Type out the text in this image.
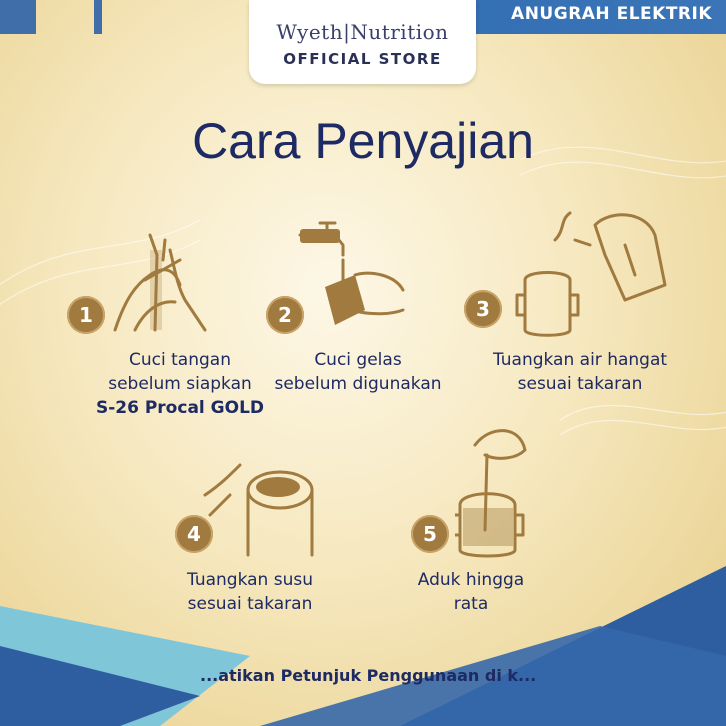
ANUGRAH ELEKTRIK
Wyeth|Nutrition
OFFICIAL STORE
Cara Penyajian
1
Cuci tangan
sebelum siapkan
S-26 Procal GOLD
2
Cuci gelas
sebelum digunakan
3
Tuangkan air hangat
sesuai takaran
4
Tuangkan susu
sesuai takaran
5
Aduk hingga
rata
...atikan Petunjuk Penggunaan di k...
